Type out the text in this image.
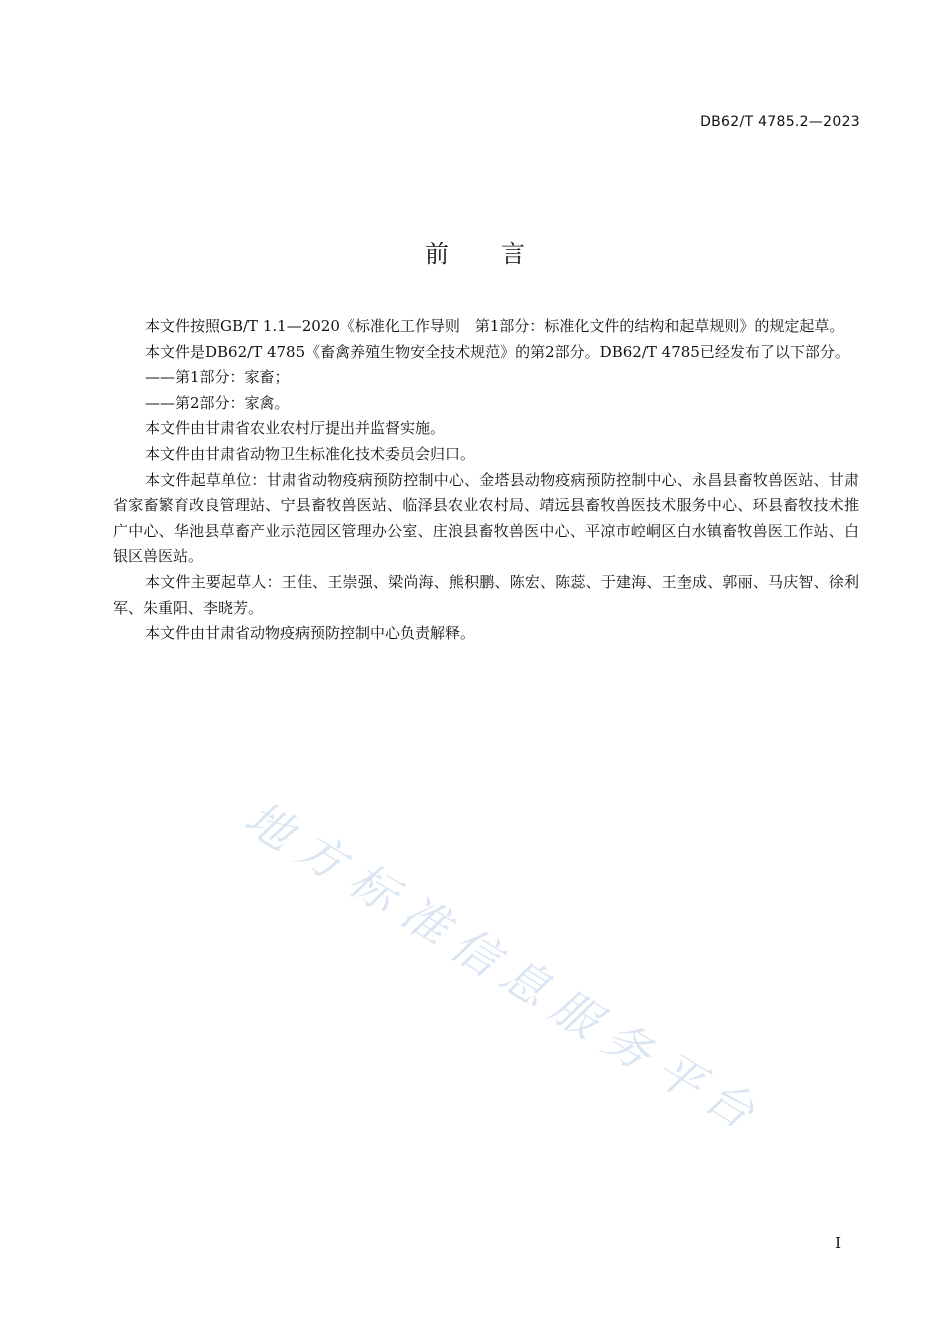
DB62/T 4785.2—2023
前 言

本文件按照GB/T 1.1—2020《标准化工作导则　第1部分：标准化文件的结构和起草规则》的规定起草。

本文件是DB62/T 4785《畜禽养殖生物安全技术规范》的第2部分。DB62/T 4785已经发布了以下部分。

——第1部分：家畜；

——第2部分：家禽。

本文件由甘肃省农业农村厅提出并监督实施。

本文件由甘肃省动物卫生标准化技术委员会归口。

本文件起草单位：甘肃省动物疫病预防控制中心、金塔县动物疫病预防控制中心、永昌县畜牧兽医站、甘肃省家畜繁育改良管理站、宁县畜牧兽医站、临泽县农业农村局、靖远县畜牧兽医技术服务中心、环县畜牧技术推广中心、华池县草畜产业示范园区管理办公室、庄浪县畜牧兽医中心、平凉市崆峒区白水镇畜牧兽医工作站、白银区兽医站。

本文件主要起草人：王佳、王崇强、梁尚海、熊积鹏、陈宏、陈蕊、于建海、王奎成、郭丽、马庆智、徐利军、朱重阳、李晓芳。

本文件由甘肃省动物疫病预防控制中心负责解释。

地
方
标
准
信
息
服
务
平
台
I
